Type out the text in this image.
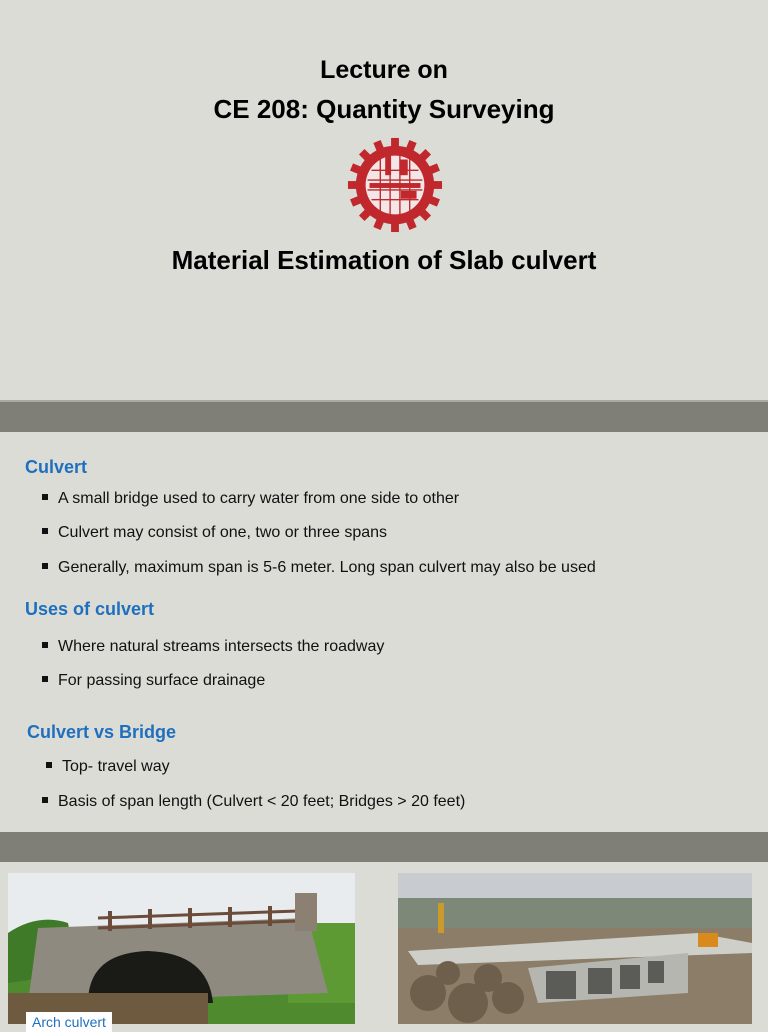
Lecture on
CE 208: Quantity Surveying
Material Estimation of Slab culvert
Culvert
A small bridge used to carry water from one side to other
Culvert may consist of one, two or three spans
Generally, maximum span is 5-6 meter. Long span culvert may also be used
Uses of culvert
Where natural streams intersects the roadway
For passing surface drainage
Culvert vs Bridge
Top- travel way
Basis of span length (Culvert < 20 feet; Bridges > 20 feet)
Arch culvert
